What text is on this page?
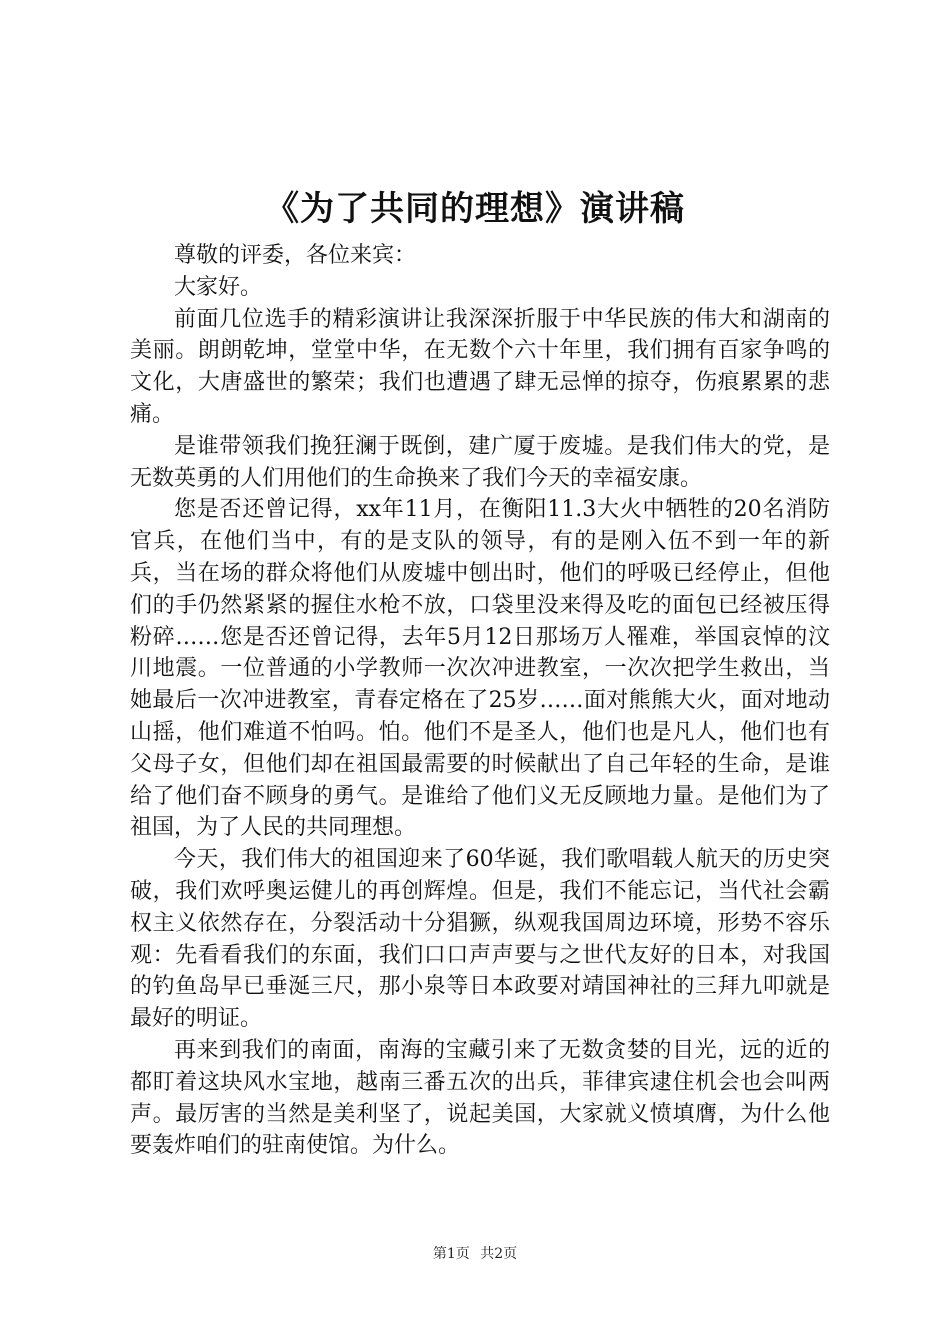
《为了共同的理想》演讲稿

尊敬的评委，各位来宾：

大家好。

前面几位选手的精彩演讲让我深深折服于中华民族的伟大和湖南的美丽。朗朗乾坤，堂堂中华，在无数个六十年里，我们拥有百家争鸣的文化，大唐盛世的繁荣；我们也遭遇了肆无忌惮的掠夺，伤痕累累的悲痛。

是谁带领我们挽狂澜于既倒，建广厦于废墟。是我们伟大的党，是无数英勇的人们用他们的生命换来了我们今天的幸福安康。

您是否还曾记得，xx年11月，在衡阳11.3大火中牺牲的20名消防官兵，在他们当中，有的是支队的领导，有的是刚入伍不到一年的新兵，当在场的群众将他们从废墟中刨出时，他们的呼吸已经停止，但他们的手仍然紧紧的握住水枪不放，口袋里没来得及吃的面包已经被压得粉碎……您是否还曾记得，去年5月12日那场万人罹难，举国哀悼的汶川地震。一位普通的小学教师一次次冲进教室，一次次把学生救出，当她最后一次冲进教室，青春定格在了25岁……面对熊熊大火，面对地动山摇，他们难道不怕吗。怕。他们不是圣人，他们也是凡人，他们也有父母子女，但他们却在祖国最需要的时候献出了自己年轻的生命，是谁给了他们奋不顾身的勇气。是谁给了他们义无反顾地力量。是他们为了祖国，为了人民的共同理想。

今天，我们伟大的祖国迎来了60华诞，我们歌唱载人航天的历史突破，我们欢呼奥运健儿的再创辉煌。但是，我们不能忘记，当代社会霸权主义依然存在，分裂活动十分猖獗，纵观我国周边环境，形势不容乐观：先看看我们的东面，我们口口声声要与之世代友好的日本，对我国的钓鱼岛早已垂涎三尺，那小泉等日本政要对靖国神社的三拜九叩就是最好的明证。

再来到我们的南面，南海的宝藏引来了无数贪婪的目光，远的近的都盯着这块风水宝地，越南三番五次的出兵，菲律宾逮住机会也会叫两声。最厉害的当然是美利坚了，说起美国，大家就义愤填膺，为什么他要轰炸咱们的驻南使馆。为什么。

第1页 共2页
